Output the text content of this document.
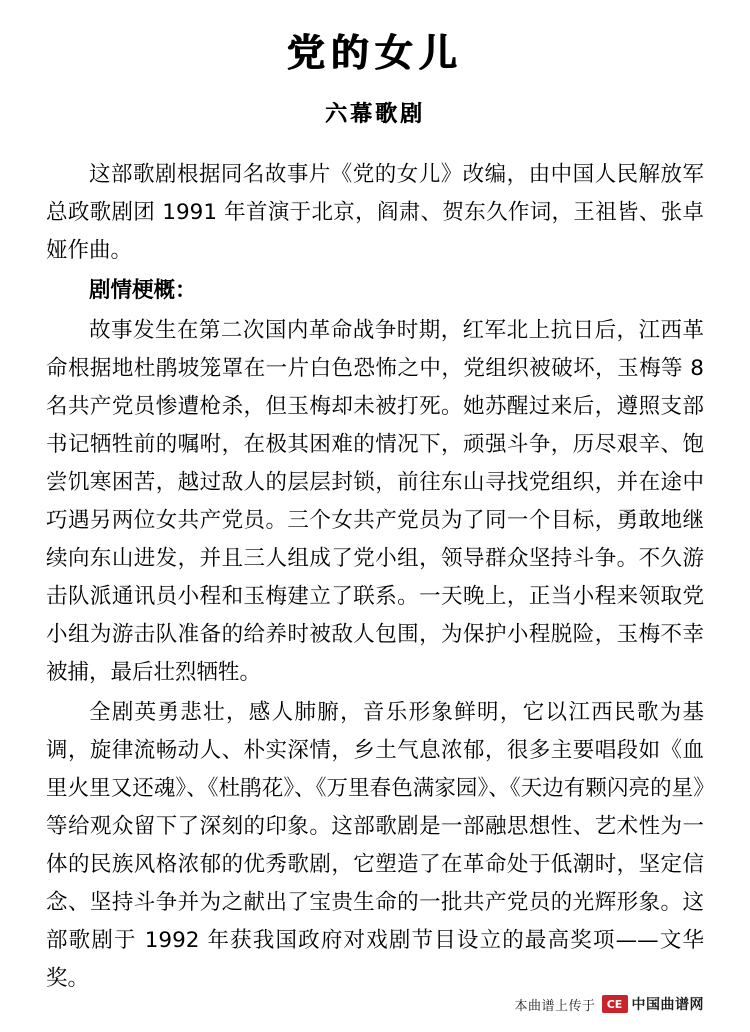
党的女儿
六幕歌剧

这部歌剧根据同名故事片《党的女儿》改编，由中国人民解放军总政歌剧团 1991 年首演于北京，阎肃、贺东久作词，王祖皆、张卓娅作曲。

剧情梗概：

故事发生在第二次国内革命战争时期，红军北上抗日后，江西革命根据地杜鹃坡笼罩在一片白色恐怖之中，党组织被破坏，玉梅等 8 名共产党员惨遭枪杀，但玉梅却未被打死。她苏醒过来后，遵照支部书记牺牲前的嘱咐，在极其困难的情况下，顽强斗争，历尽艰辛、饱尝饥寒困苦，越过敌人的层层封锁，前往东山寻找党组织，并在途中巧遇另两位女共产党员。三个女共产党员为了同一个目标，勇敢地继续向东山进发，并且三人组成了党小组，领导群众坚持斗争。不久游击队派通讯员小程和玉梅建立了联系。一天晚上，正当小程来领取党小组为游击队准备的给养时被敌人包围，为保护小程脱险，玉梅不幸被捕，最后壮烈牺牲。

全剧英勇悲壮，感人肺腑，音乐形象鲜明，它以江西民歌为基调，旋律流畅动人、朴实深情，乡土气息浓郁，很多主要唱段如《血里火里又还魂》、《杜鹃花》、《万里春色满家园》、《天边有颗闪亮的星》等给观众留下了深刻的印象。这部歌剧是一部融思想性、艺术性为一体的民族风格浓郁的优秀歌剧，它塑造了在革命处于低潮时，坚定信念、坚持斗争并为之献出了宝贵生命的一批共产党员的光辉形象。这部歌剧于 1992 年获我国政府对戏剧节目设立的最高奖项——文华奖。

本曲谱上传于	CE 中国曲谱网
